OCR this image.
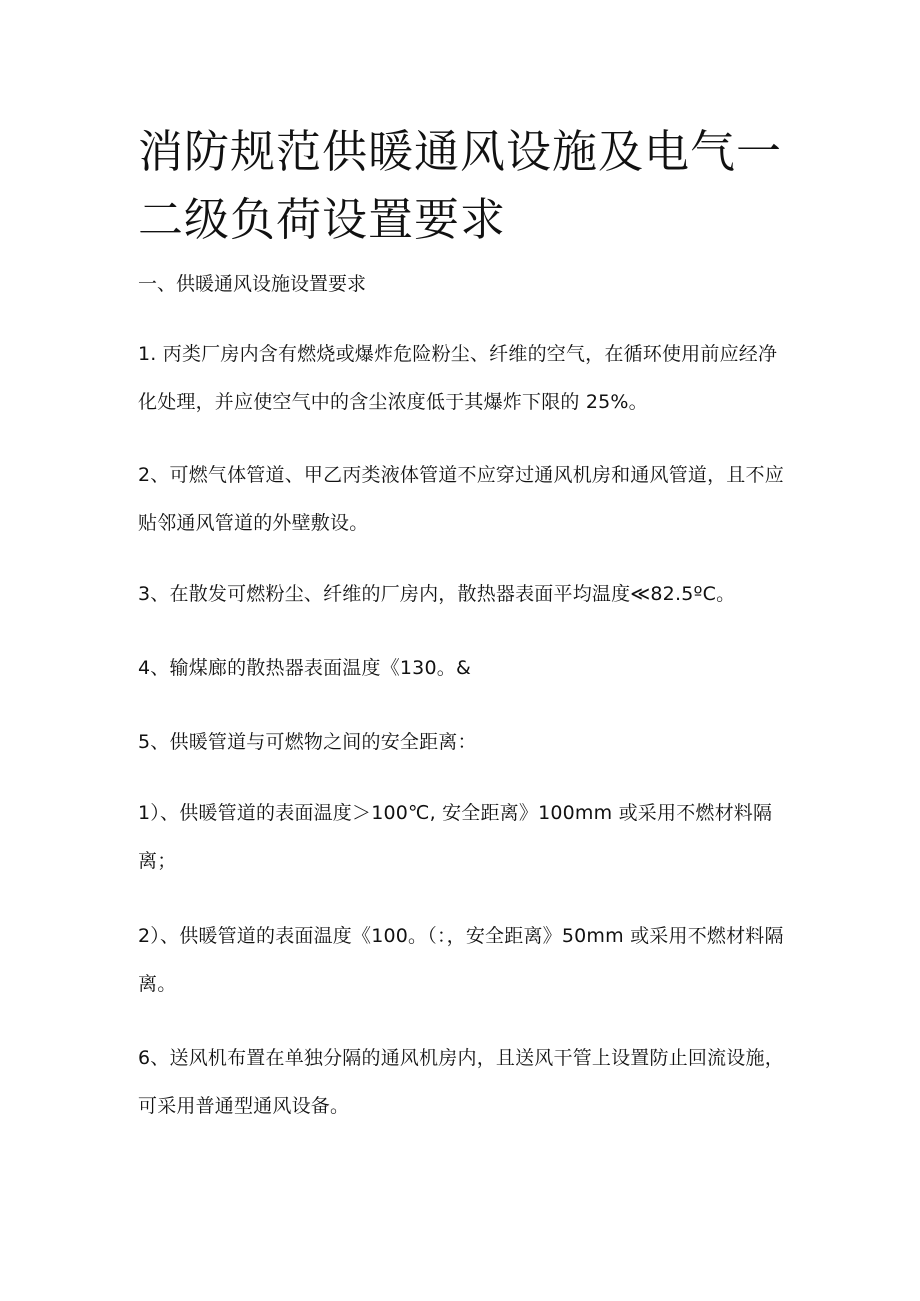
消防规范供暖通风设施及电气一二级负荷设置要求
一、供暖通风设施设置要求

1. 丙类厂房内含有燃烧或爆炸危险粉尘、纤维的空气，在循环使用前应经净化处理，并应使空气中的含尘浓度低于其爆炸下限的 25%。

2、可燃气体管道、甲乙丙类液体管道不应穿过通风机房和通风管道，且不应贴邻通风管道的外壁敷设。

3、在散发可燃粉尘、纤维的厂房内，散热器表面平均温度≪82.5ºC。

4、输煤廊的散热器表面温度《130。&

5、供暖管道与可燃物之间的安全距离：

1）、供暖管道的表面温度＞100℃, 安全距离》100mm 或采用不燃材料隔离；

2）、供暖管道的表面温度《100。（：，安全距离》50mm 或采用不燃材料隔离。

6、送风机布置在单独分隔的通风机房内，且送风干管上设置防止回流设施，可采用普通型通风设备。
